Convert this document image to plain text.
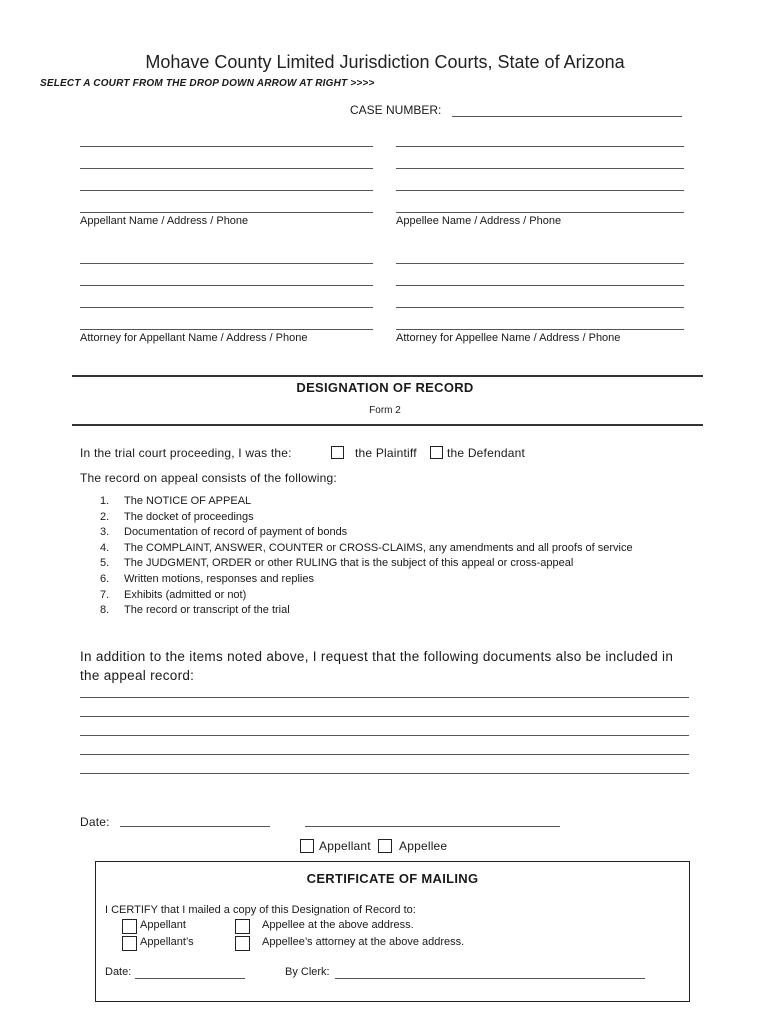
Mohave County Limited Jurisdiction Courts, State of Arizona
SELECT A COURT FROM THE DROP DOWN ARROW AT RIGHT >>>>
CASE NUMBER:
Appellant Name / Address / Phone	Appellee Name / Address / Phone
Attorney for Appellant Name / Address / Phone	Attorney for Appellee Name / Address / Phone
DESIGNATION OF RECORD
Form 2
In the trial court proceeding, I was the:	the Plaintiff	the Defendant
The record on appeal consists of the following:
1. The NOTICE OF APPEAL
2. The docket of proceedings
3. Documentation of record of payment of bonds
4. The COMPLAINT, ANSWER, COUNTER or CROSS-CLAIMS, any amendments and all proofs of service
5. The JUDGMENT, ORDER or other RULING that is the subject of this appeal or cross-appeal
6. Written motions, responses and replies
7. Exhibits (admitted or not)
8. The record or transcript of the trial
In addition to the items noted above, I request that the following documents also be included in the appeal record:
Date:
Appellant Appellee
CERTIFICATE OF MAILING
I CERTIFY that I mailed a copy of this Designation of Record to:
Appellant	Appellee at the above address.
Appellant’s	Appellee’s attorney at the above address.
Date:	By Clerk:
